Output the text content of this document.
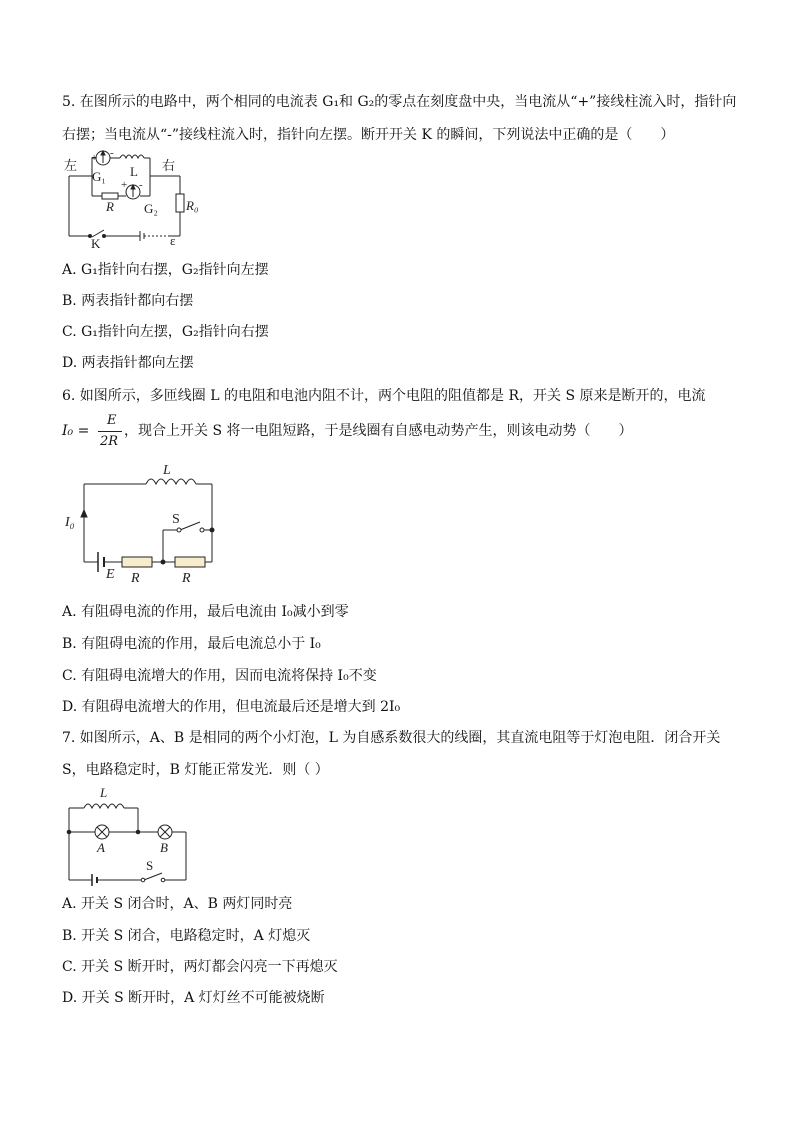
5. 在图所示的电路中，两个相同的电流表 G₁和 G₂的零点在刻度盘中央，当电流从“+”接线柱流入时，指针向
右摆；当电流从“-”接线柱流入时，指针向左摆。断开开关 K 的瞬间，下列说法中正确的是（　　）
左	右
+ -
G₁ L
+ -
R G₂ R₀
K	ε
A. G₁指针向右摆，G₂指针向左摆
B. 两表指针都向右摆
C. G₁指针向左摆，G₂指针向右摆
D. 两表指针都向左摆
6. 如图所示，多匝线圈 L 的电阻和电池内阻不计，两个电阻的阻值都是 R，开关 S 原来是断开的，电流
I₀ =
E
2R
，现合上开关 S 将一电阻短路，于是线圈有自感电动势产生，则该电动势（　　）
L
I₀	S
E R	R
A. 有阻碍电流的作用，最后电流由 I₀减小到零
B. 有阻碍电流的作用，最后电流总小于 I₀
C. 有阻碍电流增大的作用，因而电流将保持 I₀不变
D. 有阻碍电流增大的作用，但电流最后还是增大到 2I₀
7. 如图所示，A、B 是相同的两个小灯泡，L 为自感系数很大的线圈，其直流电阻等于灯泡电阻．闭合开关
S，电路稳定时，B 灯能正常发光．则（ ）
L
A	B
S
A. 开关 S 闭合时，A、B 两灯同时亮
B. 开关 S 闭合，电路稳定时，A 灯熄灭
C. 开关 S 断开时，两灯都会闪亮一下再熄灭
D. 开关 S 断开时，A 灯灯丝不可能被烧断
